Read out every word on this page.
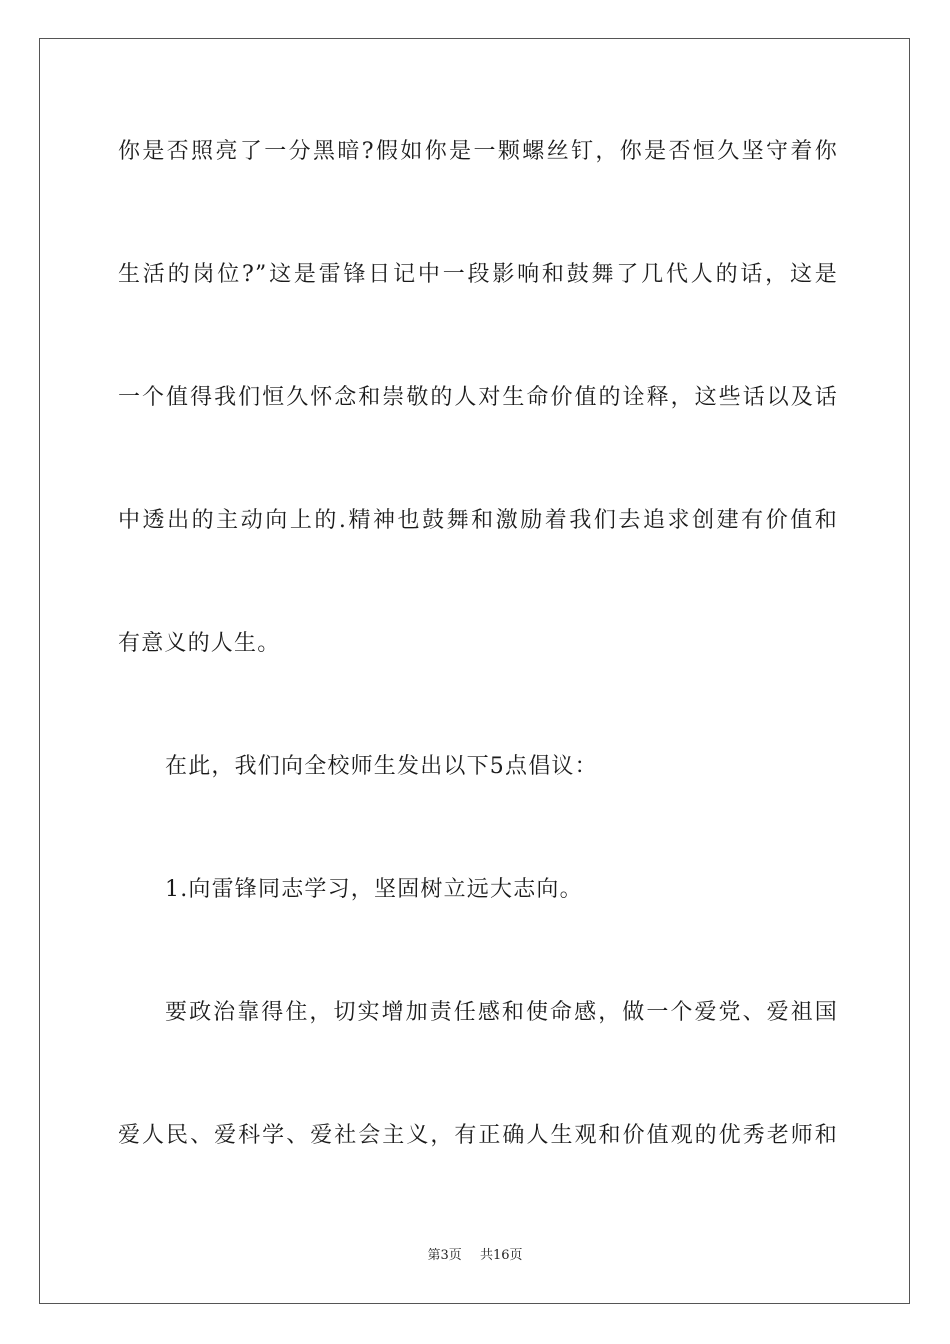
你是否照亮了一分黑暗?假如你是一颗螺丝钉，你是否恒久坚守着你
生活的岗位?”这是雷锋日记中一段影响和鼓舞了几代人的话，这是
一个值得我们恒久怀念和崇敬的人对生命价值的诠释，这些话以及话
中透出的主动向上的.精神也鼓舞和激励着我们去追求创建有价值和
有意义的人生。
在此，我们向全校师生发出以下5点倡议：
1.向雷锋同志学习，坚固树立远大志向。
要政治靠得住，切实增加责任感和使命感，做一个爱党、爱祖国
爱人民、爱科学、爱社会主义，有正确人生观和价值观的优秀老师和
第3页 共16页
